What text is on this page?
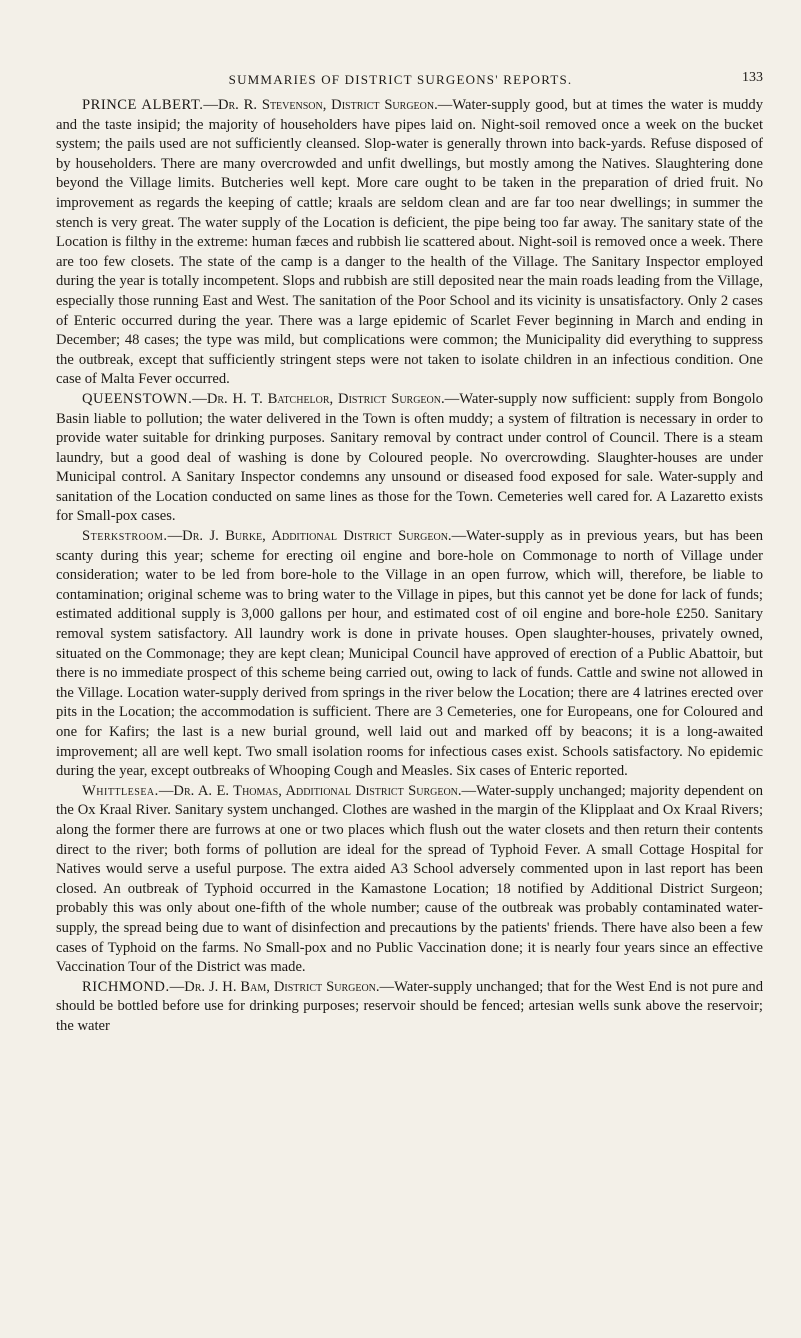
SUMMARIES OF DISTRICT SURGEONS' REPORTS.	133

PRINCE ALBERT.—Dr. R. Stevenson, District Surgeon.—Water-supply good, but at times the water is muddy and the taste insipid; the majority of householders have pipes laid on. Night-soil removed once a week on the bucket system; the pails used are not sufficiently cleansed. Slop-water is generally thrown into back-yards. Refuse disposed of by householders. There are many overcrowded and unfit dwellings, but mostly among the Natives. Slaughtering done beyond the Village limits. Butcheries well kept. More care ought to be taken in the preparation of dried fruit. No improvement as regards the keeping of cattle; kraals are seldom clean and are far too near dwellings; in summer the stench is very great. The water supply of the Location is deficient, the pipe being too far away. The sanitary state of the Location is filthy in the extreme: human fæces and rubbish lie scattered about. Night-soil is removed once a week. There are too few closets. The state of the camp is a danger to the health of the Village. The Sanitary Inspector employed during the year is totally incompetent. Slops and rubbish are still deposited near the main roads leading from the Village, especially those running East and West. The sanitation of the Poor School and its vicinity is unsatisfactory. Only 2 cases of Enteric occurred during the year. There was a large epidemic of Scarlet Fever beginning in March and ending in December; 48 cases; the type was mild, but complications were common; the Municipality did everything to suppress the outbreak, except that sufficiently stringent steps were not taken to isolate children in an infectious condition. One case of Malta Fever occurred.

QUEENSTOWN.—Dr. H. T. Batchelor, District Surgeon.—Water-supply now sufficient: supply from Bongolo Basin liable to pollution; the water delivered in the Town is often muddy; a system of filtration is necessary in order to provide water suitable for drinking purposes. Sanitary removal by contract under control of Council. There is a steam laundry, but a good deal of washing is done by Coloured people. No overcrowding. Slaughter-houses are under Municipal control. A Sanitary Inspector condemns any unsound or diseased food exposed for sale. Water-supply and sanitation of the Location conducted on same lines as those for the Town. Cemeteries well cared for. A Lazaretto exists for Small-pox cases.

Sterkstroom.—Dr. J. Burke, Additional District Surgeon.—Water-supply as in previous years, but has been scanty during this year; scheme for erecting oil engine and bore-hole on Commonage to north of Village under consideration; water to be led from bore-hole to the Village in an open furrow, which will, therefore, be liable to contamination; original scheme was to bring water to the Village in pipes, but this cannot yet be done for lack of funds; estimated additional supply is 3,000 gallons per hour, and estimated cost of oil engine and bore-hole £250. Sanitary removal system satisfactory. All laundry work is done in private houses. Open slaughter-houses, privately owned, situated on the Commonage; they are kept clean; Municipal Council have approved of erection of a Public Abattoir, but there is no immediate prospect of this scheme being carried out, owing to lack of funds. Cattle and swine not allowed in the Village. Location water-supply derived from springs in the river below the Location; there are 4 latrines erected over pits in the Location; the accommodation is sufficient. There are 3 Cemeteries, one for Europeans, one for Coloured and one for Kafirs; the last is a new burial ground, well laid out and marked off by beacons; it is a long-awaited improvement; all are well kept. Two small isolation rooms for infectious cases exist. Schools satisfactory. No epidemic during the year, except outbreaks of Whooping Cough and Measles. Six cases of Enteric reported.

Whittlesea.—Dr. A. E. Thomas, Additional District Surgeon.—Water-supply unchanged; majority dependent on the Ox Kraal River. Sanitary system unchanged. Clothes are washed in the margin of the Klipplaat and Ox Kraal Rivers; along the former there are furrows at one or two places which flush out the water closets and then return their contents direct to the river; both forms of pollution are ideal for the spread of Typhoid Fever. A small Cottage Hospital for Natives would serve a useful purpose. The extra aided A3 School adversely commented upon in last report has been closed. An outbreak of Typhoid occurred in the Kamastone Location; 18 notified by Additional District Surgeon; probably this was only about one-fifth of the whole number; cause of the outbreak was probably contaminated water-supply, the spread being due to want of disinfection and precautions by the patients' friends. There have also been a few cases of Typhoid on the farms. No Small-pox and no Public Vaccination done; it is nearly four years since an effective Vaccination Tour of the District was made.

RICHMOND.—Dr. J. H. Bam, District Surgeon.—Water-supply unchanged; that for the West End is not pure and should be bottled before use for drinking purposes; reservoir should be fenced; artesian wells sunk above the reservoir; the water
